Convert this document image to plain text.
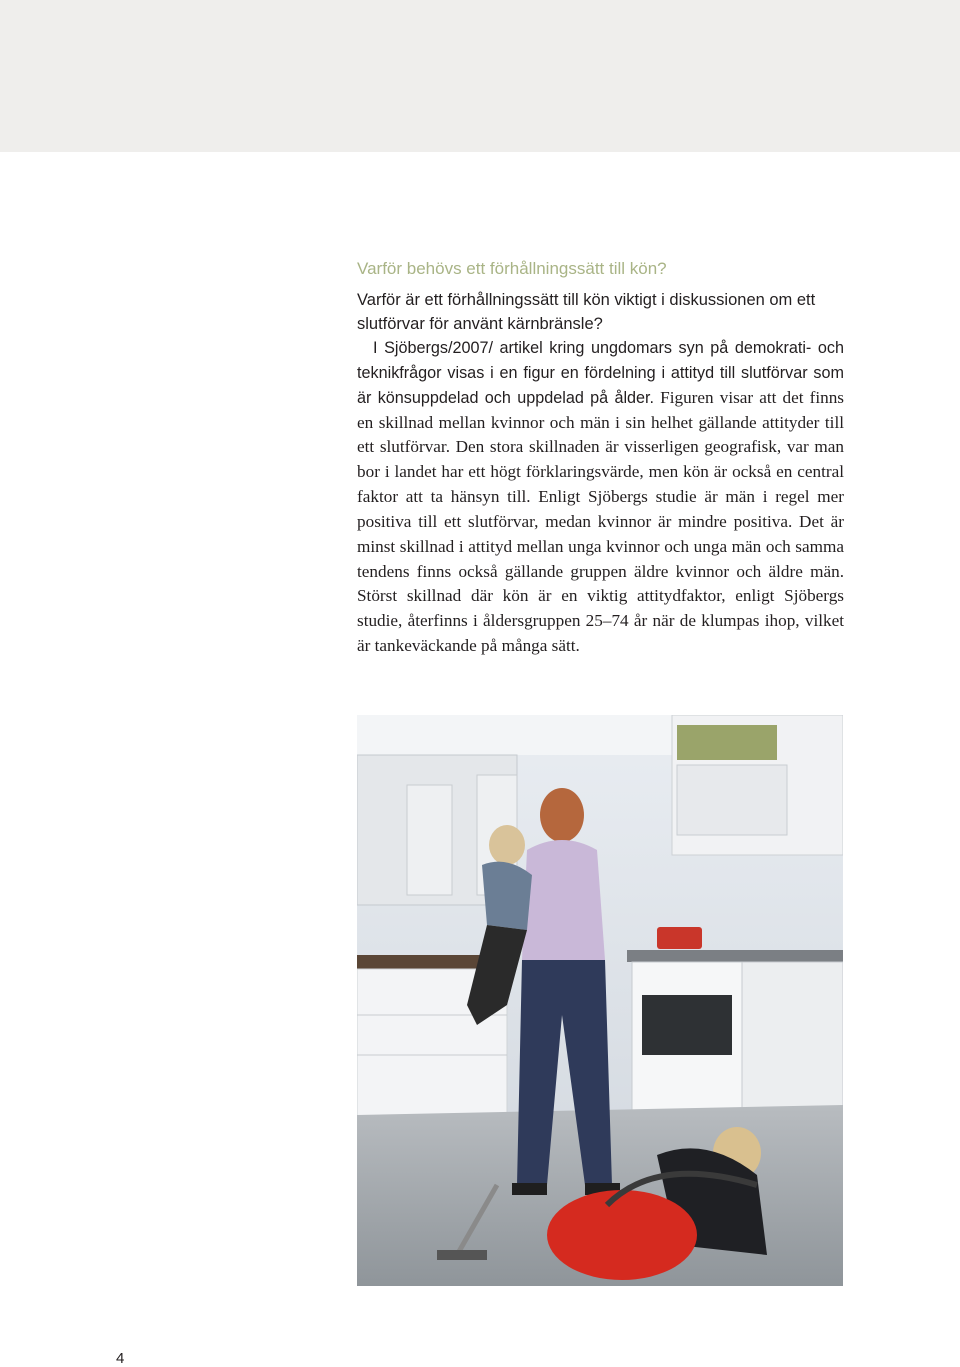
Varför behövs ett förhållningssätt till kön?

Varför är ett förhållningssätt till kön viktigt i diskussionen om ett slutförvar för använt kärnbränsle?

I Sjöbergs/2007/ artikel kring ungdomars syn på demokrati- och teknikfrågor visas i en figur en fördelning i attityd till slutförvar som är könsuppdelad och uppdelad på ålder. Figuren visar att det finns en skillnad mellan kvinnor och män i sin helhet gällande attityder till ett slutförvar. Den stora skillnaden är visserligen geografisk, var man bor i landet har ett högt förklaringsvärde, men kön är också en central faktor att ta hänsyn till. Enligt Sjöbergs studie är män i regel mer positiva till ett slutförvar, medan kvinnor är mindre positiva. Det är minst skillnad i attityd mellan unga kvinnor och unga män och samma tendens finns också gällande gruppen äldre kvinnor och äldre män. Störst skillnad där kön är en viktig attitydfaktor, enligt Sjöbergs studie, återfinns i åldersgruppen 25–74 år när de klumpas ihop, vilket är tankeväckande på många sätt.

4
